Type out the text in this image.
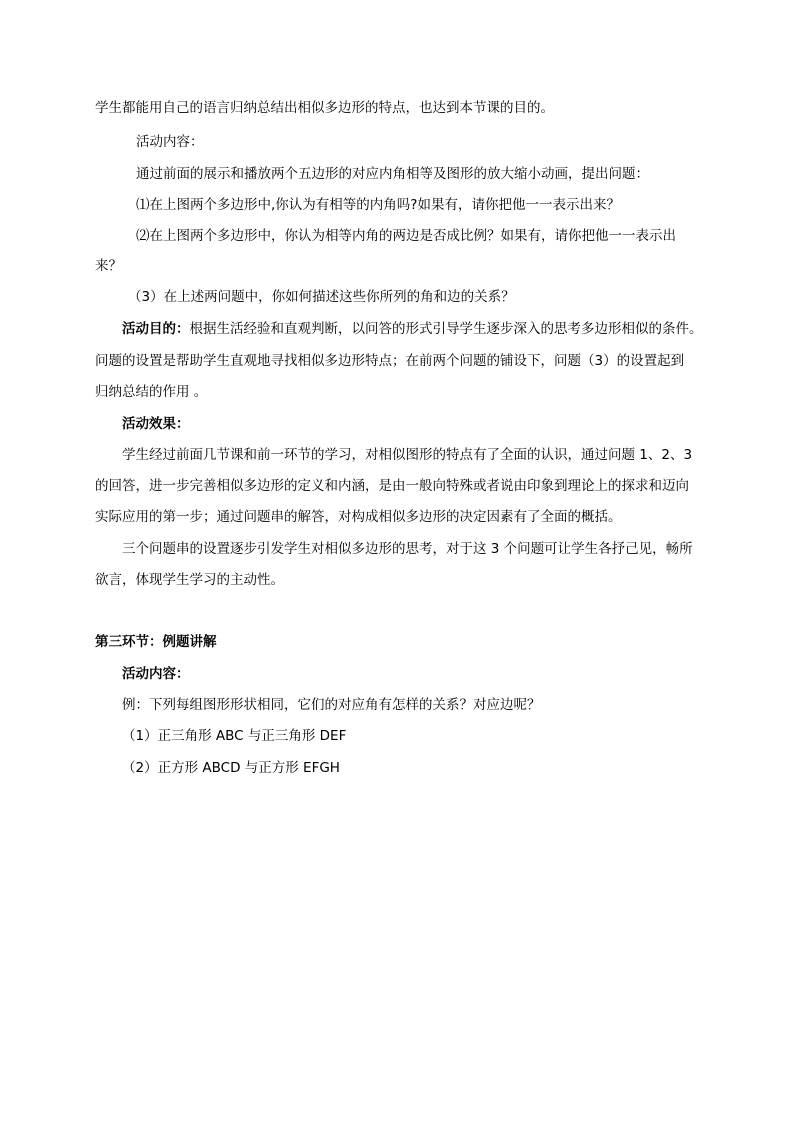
学生都能用自己的语言归纳总结出相似多边形的特点，也达到本节课的目的。
活动内容：
通过前面的展示和播放两个五边形的对应内角相等及图形的放大缩小动画，提出问题：
⑴在上图两个多边形中,你认为有相等的内角吗?如果有，请你把他一一表示出来？
⑵在上图两个多边形中，你认为相等内角的两边是否成比例？如果有，请你把他一一表示出
来？
（3）在上述两问题中，你如何描述这些你所列的角和边的关系？
活动目的：根据生活经验和直观判断，以问答的形式引导学生逐步深入的思考多边形相似的条件。
问题的设置是帮助学生直观地寻找相似多边形特点；在前两个问题的铺设下，问题（3）的设置起到
归纳总结的作用 。
活动效果：
学生经过前面几节课和前一环节的学习，对相似图形的特点有了全面的认识，通过问题 1、2、3
的回答，进一步完善相似多边形的定义和内涵，是由一般向特殊或者说由印象到理论上的探求和迈向
实际应用的第一步；通过问题串的解答，对构成相似多边形的决定因素有了全面的概括。
三个问题串的设置逐步引发学生对相似多边形的思考，对于这 3 个问题可让学生各抒己见，畅所
欲言，体现学生学习的主动性。
第三环节：例题讲解
活动内容：
例：下列每组图形形状相同，它们的对应角有怎样的关系？对应边呢？
（1）正三角形 ABC 与正三角形 DEF
（2）正方形 ABCD 与正方形 EFGH
